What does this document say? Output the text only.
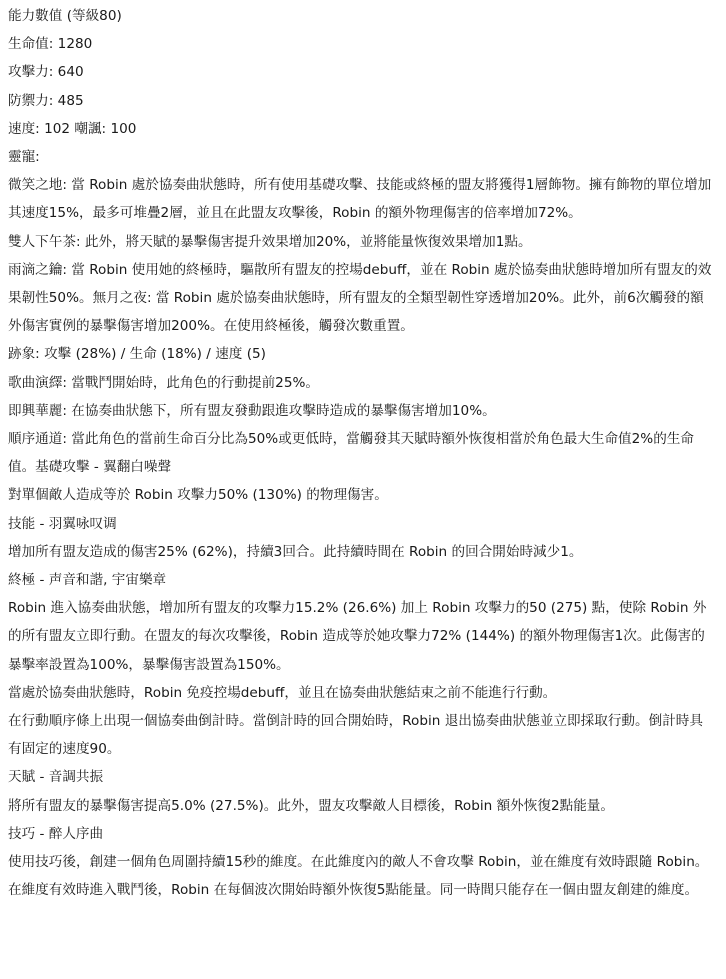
能力數值 (等級80)

生命值: 1280

攻擊力: 640

防禦力: 485

速度: 102 嘲諷: 100

靈寵:

微笑之地: 當 Robin 處於協奏曲狀態時，所有使用基礎攻擊、技能或終極的盟友將獲得1層飾物。擁有飾物的單位增加其速度15%，最多可堆疊2層，並且在此盟友攻擊後，Robin 的額外物理傷害的倍率增加72%。

雙人下午茶: 此外，將天賦的暴擊傷害提升效果增加20%，並將能量恢復效果增加1點。

雨滴之鑰: 當 Robin 使用她的終極時，驅散所有盟友的控場debuff，並在 Robin 處於協奏曲狀態時增加所有盟友的效果韌性50%。無月之夜: 當 Robin 處於協奏曲狀態時，所有盟友的全類型韌性穿透增加20%。此外，前6次觸發的額外傷害實例的暴擊傷害增加200%。在使用終極後，觸發次數重置。

跡象: 攻擊 (28%) / 生命 (18%) / 速度 (5)

歌曲演繹: 當戰鬥開始時，此角色的行動提前25%。

即興華麗: 在協奏曲狀態下，所有盟友發動跟進攻擊時造成的暴擊傷害增加10%。

順序通道: 當此角色的當前生命百分比為50%或更低時，當觸發其天賦時額外恢復相當於角色最大生命值2%的生命值。基礎攻擊 - 翼翻白噪聲

對單個敵人造成等於 Robin 攻擊力50% (130%) 的物理傷害。

技能 - 羽翼咏叹调

增加所有盟友造成的傷害25% (62%)，持續3回合。此持續時間在 Robin 的回合開始時減少1。

終極 - 声音和諧, 宇宙樂章

Robin 進入協奏曲狀態，增加所有盟友的攻擊力15.2% (26.6%) 加上 Robin 攻擊力的50 (275) 點，使除 Robin 外的所有盟友立即行動。在盟友的每次攻擊後，Robin 造成等於她攻擊力72% (144%) 的額外物理傷害1次。此傷害的暴擊率設置為100%，暴擊傷害設置為150%。

當處於協奏曲狀態時，Robin 免疫控場debuff，並且在協奏曲狀態結束之前不能進行行動。

在行動順序條上出現一個協奏曲倒計時。當倒計時的回合開始時，Robin 退出協奏曲狀態並立即採取行動。倒計時具有固定的速度90。

天賦 - 音調共振

將所有盟友的暴擊傷害提高5.0% (27.5%)。此外，盟友攻擊敵人目標後，Robin 額外恢復2點能量。

技巧 - 醉人序曲

使用技巧後，創建一個角色周圍持續15秒的維度。在此維度內的敵人不會攻擊 Robin，並在維度有效時跟隨 Robin。在維度有效時進入戰鬥後，Robin 在每個波次開始時額外恢復5點能量。同一時間只能存在一個由盟友創建的維度。
